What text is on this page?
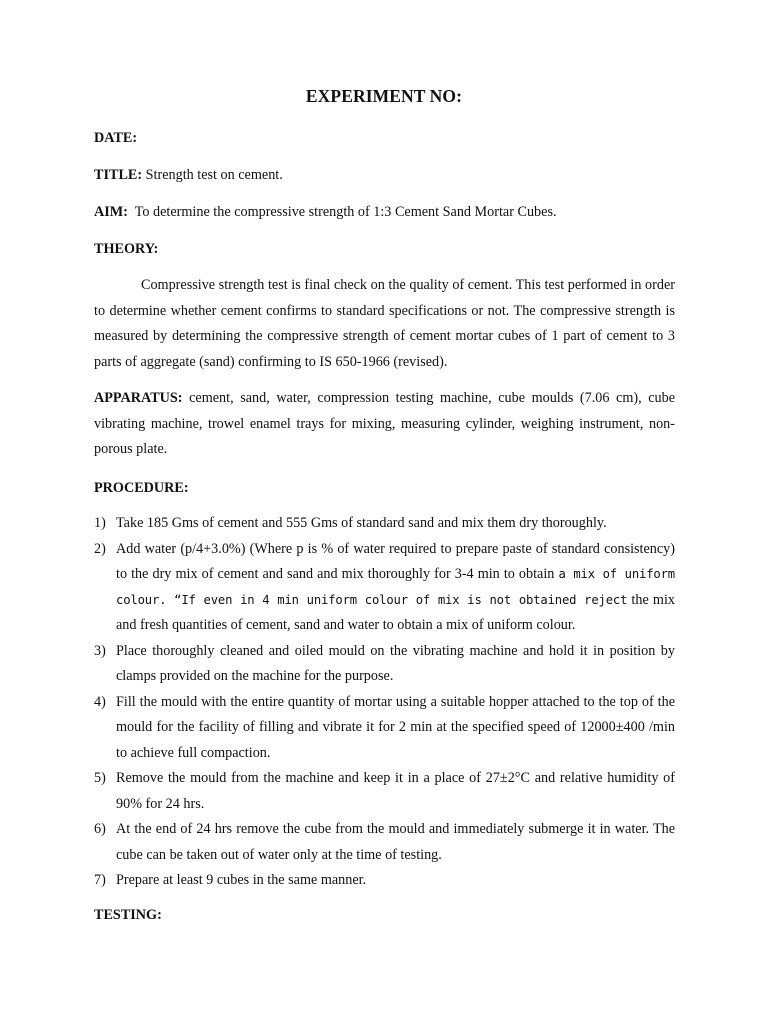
EXPERIMENT NO:
DATE:
TITLE: Strength test on cement.
AIM:  To determine the compressive strength of 1:3 Cement Sand Mortar Cubes.
THEORY:
Compressive strength test is final check on the quality of cement. This test performed in order to determine whether cement confirms to standard specifications or not. The compressive strength is measured by determining the compressive strength of cement mortar cubes of 1 part of cement to 3 parts of aggregate (sand) confirming to IS 650-1966 (revised).
APPARATUS: cement, sand, water, compression testing machine, cube moulds (7.06 cm), cube vibrating machine, trowel enamel trays for mixing, measuring cylinder, weighing instrument, non- porous plate.
PROCEDURE:
1) Take 185 Gms of cement and 555 Gms of standard sand and mix them dry thoroughly.
2) Add water (p/4+3.0%) (Where p is % of water required to prepare paste of standard consistency) to the dry mix of cement and sand and mix thoroughly for 3-4 min to obtain a mix of uniform colour. “If even in 4 min uniform colour of mix is not obtained reject the mix and fresh quantities of cement, sand and water to obtain a mix of uniform colour.
3) Place thoroughly cleaned and oiled mould on the vibrating machine and hold it in position by clamps provided on the machine for the purpose.
4) Fill the mould with the entire quantity of mortar using a suitable hopper attached to the top of the mould for the facility of filling and vibrate it for 2 min at the specified speed of 12000±400 /min to achieve full compaction.
5) Remove the mould from the machine and keep it in a place of 27±2°C and relative humidity of 90% for 24 hrs.
6) At the end of 24 hrs remove the cube from the mould and immediately submerge it in water. The cube can be taken out of water only at the time of testing.
7) Prepare at least 9 cubes in the same manner.
TESTING:
